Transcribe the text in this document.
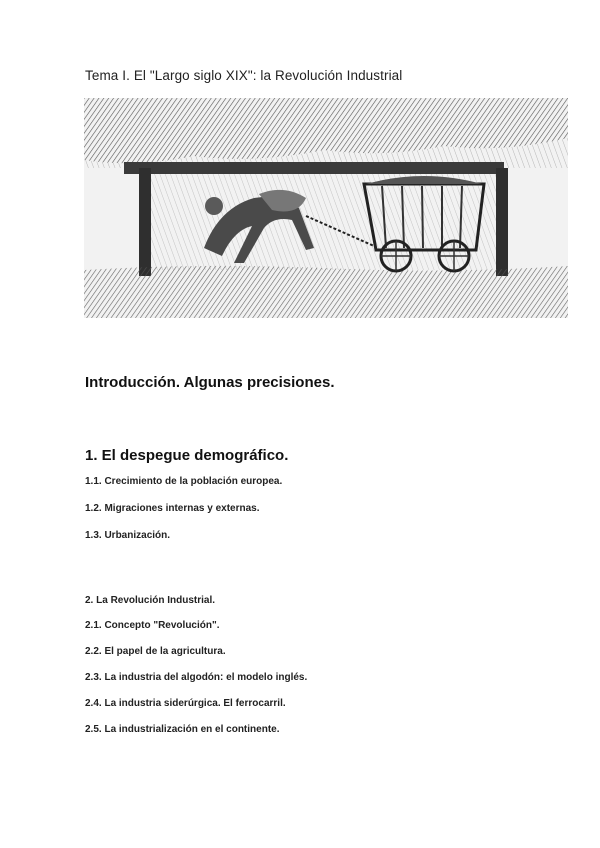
Tema I. El "Largo siglo XIX": la Revolución Industrial
Introducción. Algunas precisiones.
1. El despegue demográfico.
1.1. Crecimiento de la población europea.
1.2. Migraciones internas y externas.
1.3. Urbanización.
2. La Revolución Industrial.
2.1. Concepto "Revolución".
2.2. El papel de la agricultura.
2.3. La industria del algodón: el modelo inglés.
2.4. La industria siderúrgica. El ferrocarril.
2.5. La industrialización en el continente.
